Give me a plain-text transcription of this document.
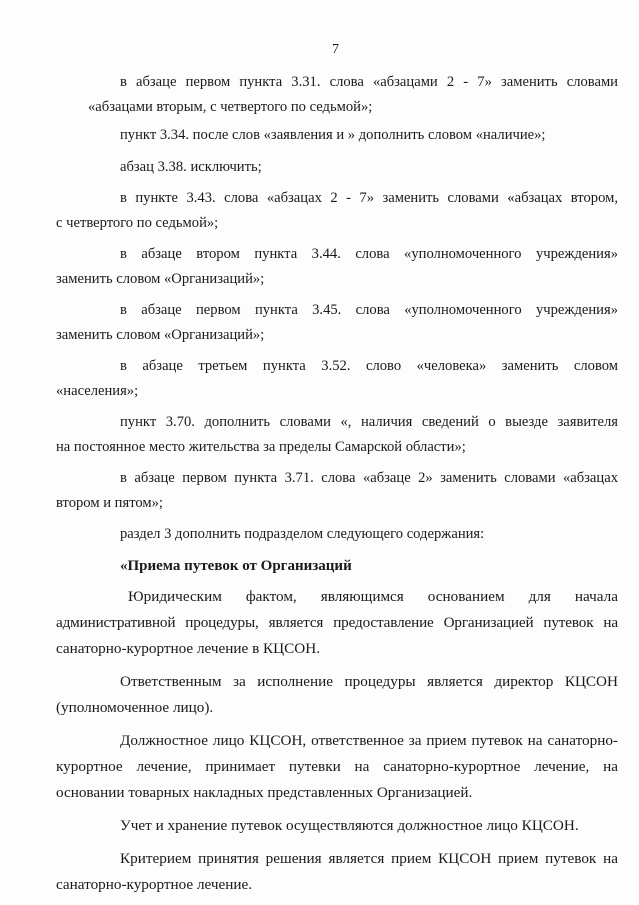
7
в абзаце первом пункта 3.31. слова «абзацами 2 - 7» заменить словами
«абзацами вторым, с четвертого по седьмой»;
пункт 3.34. после слов «заявления и » дополнить словом «наличие»;
абзац 3.38. исключить;
в пункте 3.43. слова «абзацах 2 - 7» заменить словами «абзацах втором,
с четвертого по седьмой»;
в абзаце втором пункта 3.44. слова «уполномоченного учреждения»
заменить словом «Организаций»;
в абзаце первом пункта 3.45. слова «уполномоченного учреждения»
заменить словом «Организаций»;
в абзаце третьем пункта 3.52. слово «человека» заменить словом
«населения»;
пункт 3.70. дополнить словами «, наличия сведений о выезде заявителя
на постоянное место жительства за пределы Самарской области»;
в абзаце первом пункта 3.71. слова «абзаце 2» заменить словами «абзацах
втором и пятом»;
раздел 3 дополнить подразделом следующего содержания:
«Приема путевок от Организаций
Юридическим фактом, являющимся основанием для начала
административной процедуры, является предоставление Организацией путевок на
санаторно-курортное лечение в КЦСОН.
Ответственным за исполнение процедуры является директор КЦСОН
(уполномоченное лицо).
Должностное лицо КЦСОН, ответственное за прием путевок на санаторно-
курортное лечение, принимает путевки на санаторно-курортное лечение, на
основании товарных накладных представленных Организацией.
Учет и хранение путевок осуществляются должностное лицо КЦСОН.
Критерием принятия решения является прием КЦСОН прием путевок на
санаторно-курортное лечение.
